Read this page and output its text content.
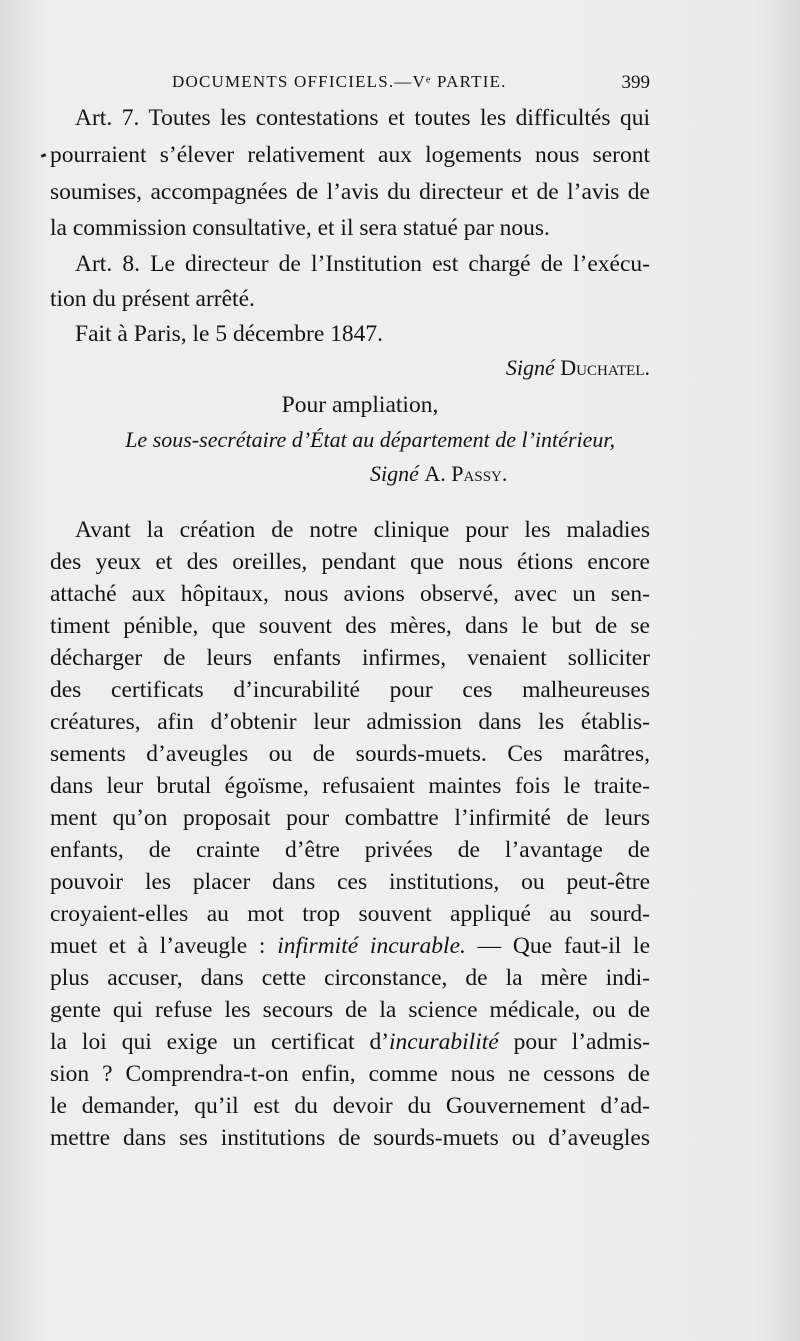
DOCUMENTS OFFICIELS.—Vᵉ PARTIE.	399
Art. 7. Toutes les contestations et toutes les difficultés qui
pourraient s’élever relativement aux logements nous seront
soumises, accompagnées de l’avis du directeur et de l’avis de
la commission consultative, et il sera statué par nous.
Art. 8. Le directeur de l’Institution est chargé de l’exécu-
tion du présent arrêté.
Fait à Paris, le 5 décembre 1847.
Signé Duchatel.
Pour ampliation,
Le sous-secrétaire d’État au département de l’intérieur,
Signé A. Passy.
Avant la création de notre clinique pour les maladies
des yeux et des oreilles, pendant que nous étions encore
attaché aux hôpitaux, nous avions observé, avec un sen-
timent pénible, que souvent des mères, dans le but de se
décharger de leurs enfants infirmes, venaient solliciter
des certificats d’incurabilité pour ces malheureuses
créatures, afin d’obtenir leur admission dans les établis-
sements d’aveugles ou de sourds-muets. Ces marâtres,
dans leur brutal égoïsme, refusaient maintes fois le traite-
ment qu’on proposait pour combattre l’infirmité de leurs
enfants, de crainte d’être privées de l’avantage de
pouvoir les placer dans ces institutions, ou peut-être
croyaient-elles au mot trop souvent appliqué au sourd-
muet et à l’aveugle : infirmité incurable. — Que faut-il le
plus accuser, dans cette circonstance, de la mère indi-
gente qui refuse les secours de la science médicale, ou de
la loi qui exige un certificat d’incurabilité pour l’admis-
sion ? Comprendra-t-on enfin, comme nous ne cessons de
le demander, qu’il est du devoir du Gouvernement d’ad-
mettre dans ses institutions de sourds-muets ou d’aveugles
